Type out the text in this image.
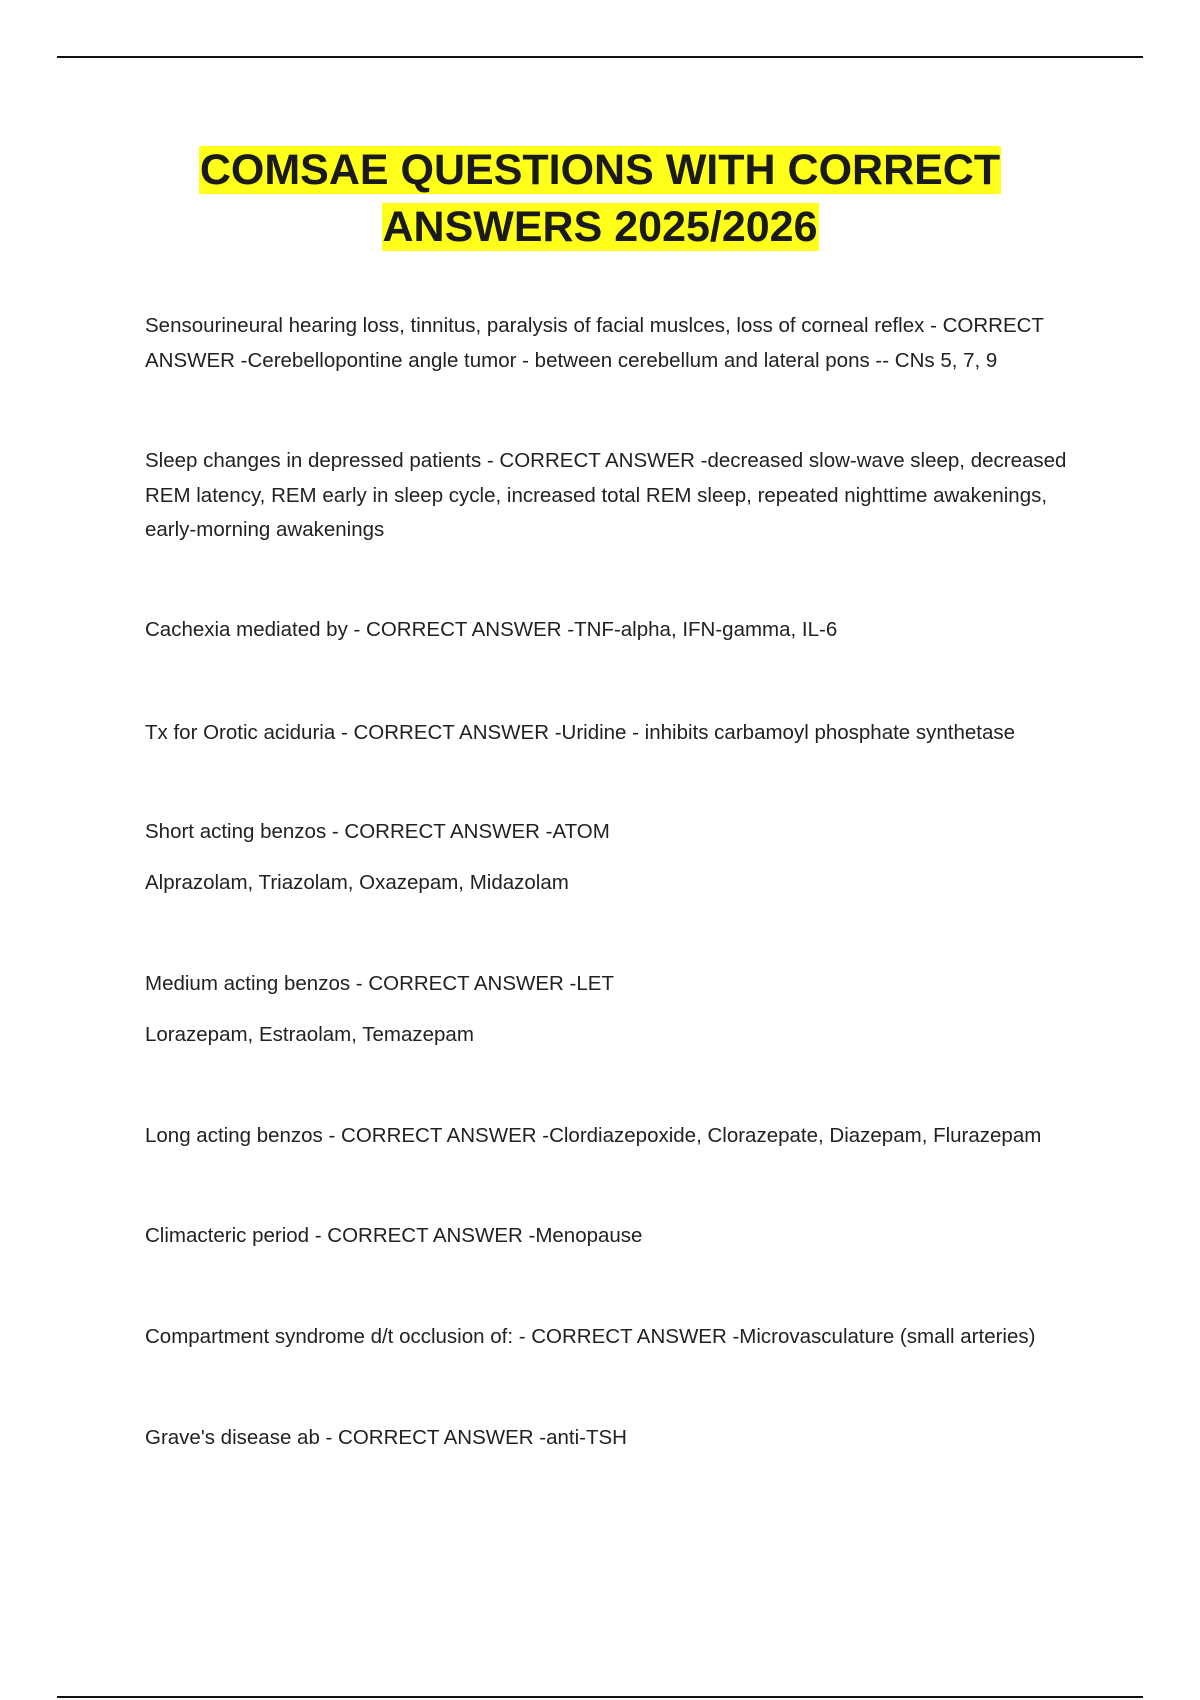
COMSAE QUESTIONS WITH CORRECT
ANSWERS 2025/2026

Sensourineural hearing loss, tinnitus, paralysis of facial muslces, loss of corneal reflex - CORRECT ANSWER -Cerebellopontine angle tumor - between cerebellum and lateral pons -- CNs 5, 7, 9

Sleep changes in depressed patients - CORRECT ANSWER -decreased slow-wave sleep, decreased REM latency, REM early in sleep cycle, increased total REM sleep, repeated nighttime awakenings, early-morning awakenings

Cachexia mediated by - CORRECT ANSWER -TNF-alpha, IFN-gamma, IL-6

Tx for Orotic aciduria - CORRECT ANSWER -Uridine - inhibits carbamoyl phosphate synthetase

Short acting benzos - CORRECT ANSWER -ATOM

Alprazolam, Triazolam, Oxazepam, Midazolam

Medium acting benzos - CORRECT ANSWER -LET

Lorazepam, Estraolam, Temazepam

Long acting benzos - CORRECT ANSWER -Clordiazepoxide, Clorazepate, Diazepam, Flurazepam

Climacteric period - CORRECT ANSWER -Menopause

Compartment syndrome d/t occlusion of: - CORRECT ANSWER -Microvasculature (small arteries)

Grave's disease ab - CORRECT ANSWER -anti-TSH
